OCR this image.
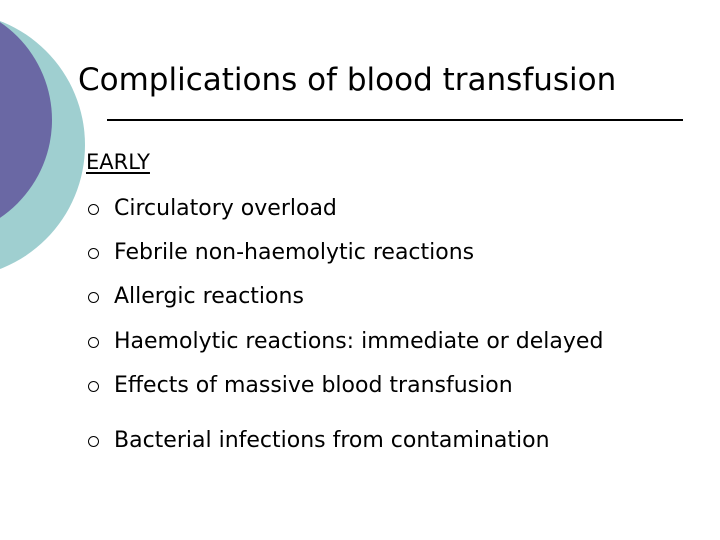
Complications of blood transfusion
EARLY
Circulatory overload
Febrile non-haemolytic reactions
Allergic reactions
Haemolytic reactions: immediate or delayed
Effects of massive blood transfusion
Bacterial infections from contamination
